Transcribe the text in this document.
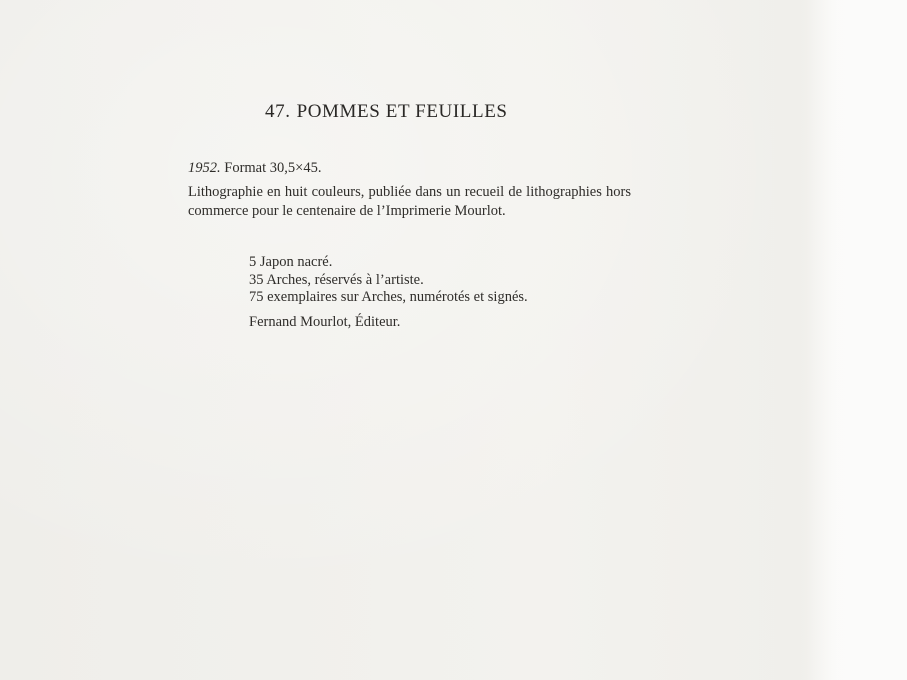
47. POMMES ET FEUILLES
1952. Format 30,5×45.
Lithographie en huit couleurs, publiée dans un recueil de lithographies hors commerce pour le centenaire de l’Imprimerie Mourlot.
5 Japon nacré.
35 Arches, réservés à l’artiste.
75 exemplaires sur Arches, numérotés et signés.
Fernand Mourlot, Éditeur.
